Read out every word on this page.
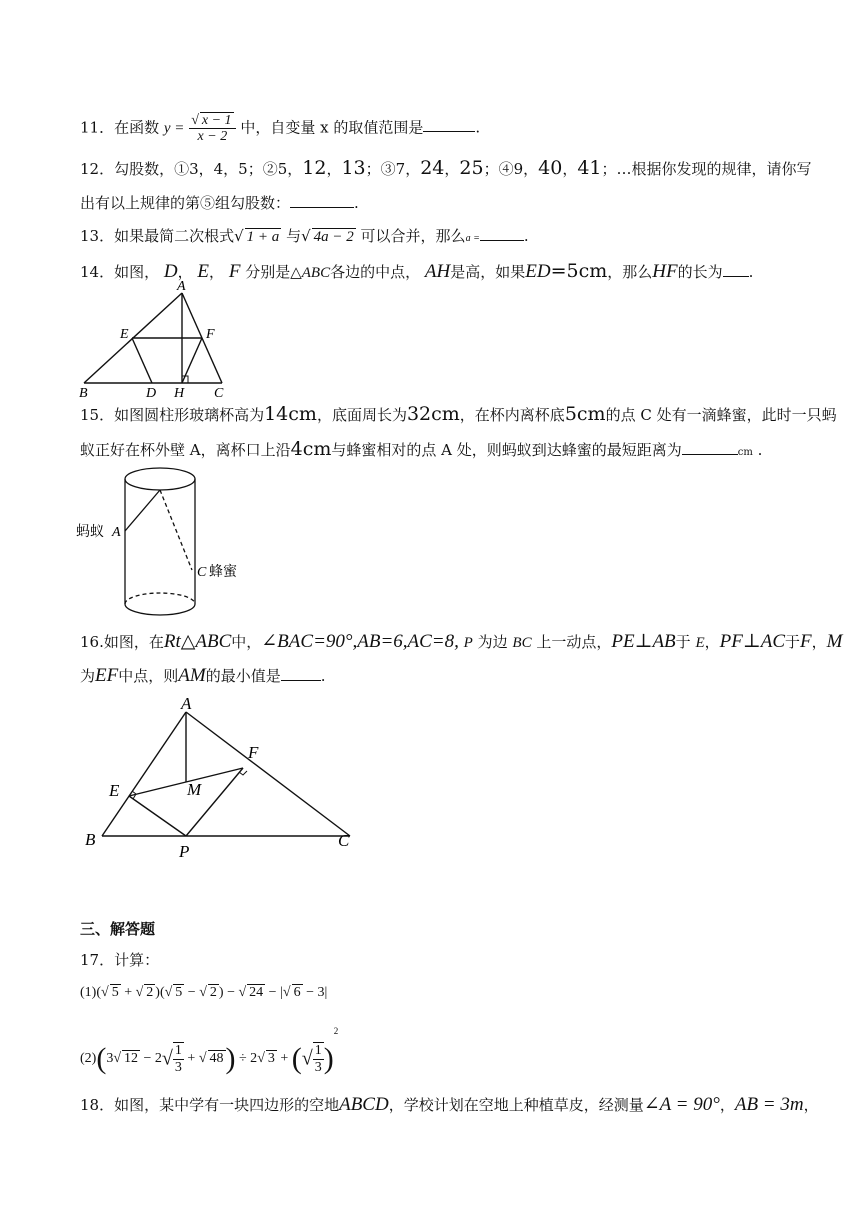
11．在函数 $y = \frac{√ x - 1}{x - 2}$ 中，自变量 x 的取值范围是	.
12．勾股数，①3，4，5；②5，12，13；③7，24，25；④9，40，41；…根据你发现的规律，请你写
出有以上规律的第⑤组勾股数：	.
13．如果最简二次根式√ 1 + a 与√ 4a − 2 可以合并，那么a =	.
14．如图， D， E， F 分别是△ABC各边的中点， AH是高，如果ED=5cm，那么HF的长为 .
A
B	C
D
E	F
H
15．如图圆柱形玻璃杯高为14cm，底面周长为32cm，在杯内离杯底5cm的点 C 处有一滴蜂蜜，此时一只蚂
蚁正好在杯外壁 A，离杯口上沿4cm与蜂蜜相对的点 A 处，则蚂蚁到达蜂蜜的最短距离为	cm .
蚂蚁 A
C 蜂蜜
16.如图，在Rt△ABC中，∠BAC=90°,AB=6,AC=8, P 为边 BC 上一动点，PE⊥AB于 E，PF⊥AC于F，M
为EF中点，则AM的最小值是	.
A
B	C
E
F
M
P
三、解答题
17．计算：
(1)(√ 5 + √ 2 )(√ 5 − √ 2 ) − √ 24 − |√ 6 − 3|
(2)(3√ $12 - 2√ \frac{1}{3}$ + √ 48) ÷ 2√ 3 + (√ $\frac{1}{3} )^2$
18．如图，某中学有一块四边形的空地ABCD，学校计划在空地上种植草皮，经测量∠A = 90°，AB = 3m，
